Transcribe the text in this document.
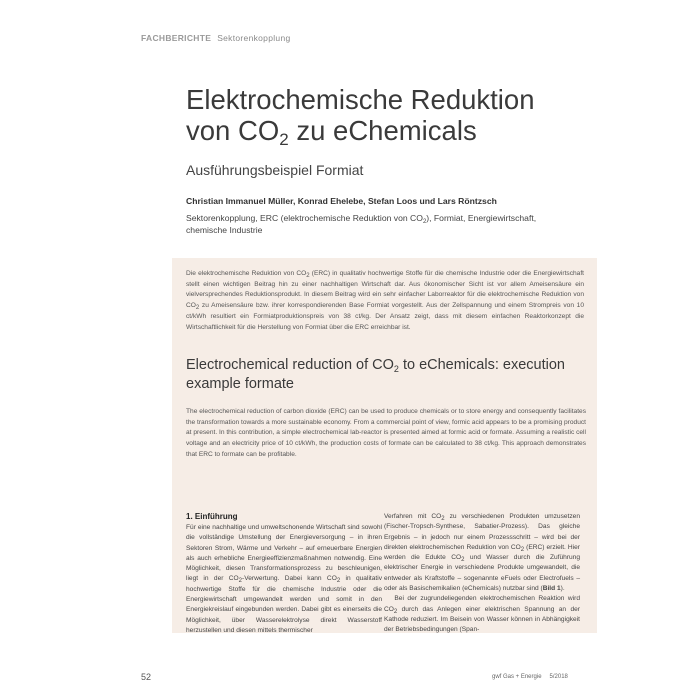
FACHBERICHTE Sektorenkopplung
Elektrochemische Reduktion
von $CO_2$ zu eChemicals
Ausführungsbeispiel Formiat
Christian Immanuel Müller, Konrad Ehelebe, Stefan Loos und Lars Röntzsch
Sektorenkopplung, ERC (elektrochemische Reduktion von $CO_2$), Formiat, Energiewirtschaft, chemische Industrie
Die elektrochemische Reduktion von $CO_2$ (ERC) in qualitativ hochwertige Stoffe für die chemische Industrie oder die Energiewirtschaft stellt einen wichtigen Beitrag hin zu einer nachhaltigen Wirtschaft dar. Aus ökonomischer Sicht ist vor allem Ameisensäure ein vielversprechendes Reduktionsprodukt. In diesem Beitrag wird ein sehr einfacher Laborreaktor für die elektrochemische Reduktion von $CO_2$ zu Ameisensäure bzw. ihrer korrespondierenden Base Formiat vorgestellt. Aus der Zellspannung und einem Strompreis von 10 ct/kWh resultiert ein Formiatproduktionspreis von 38 ct/kg. Der Ansatz zeigt, dass mit diesem einfachen Reaktorkonzept die Wirtschaftlichkeit für die Herstellung von Formiat über die ERC erreichbar ist.
Electrochemical reduction of $CO_2$ to eChemicals: execution example formate
The electrochemical reduction of carbon dioxide (ERC) can be used to produce chemicals or to store energy and consequently facilitates the transformation towards a more sustainable economy. From a commercial point of view, formic acid appears to be a promising product at present. In this contribution, a simple electrochemical lab-reactor is presented aimed at formic acid or formate. Assuming a realistic cell voltage and an electricity price of 10 ct/kWh, the production costs of formate can be calculated to 38 ct/kg. This approach demonstrates that ERC to formate can be profitable.
1. Einführung

Für eine nachhaltige und umweltschonende Wirtschaft sind sowohl die vollständige Umstellung der Energieversorgung – in ihren Sektoren Strom, Wärme und Verkehr – auf erneuerbare Energien als auch erhebliche Energieeffizienzmaßnahmen notwendig. Eine Möglichkeit, diesen Transformationsprozess zu beschleunigen, liegt in der $CO_2$-Verwertung. Dabei kann $CO_2$ in qualitativ hochwertige Stoffe für die chemische Industrie oder die Energiewirtschaft umgewandelt werden und somit in den Energiekreislauf eingebunden werden. Dabei gibt es einerseits die Möglichkeit, über Wasserelektrolyse direkt Wasserstoff herzustellen und diesen mittels thermischer

Verfahren mit $CO_2$ zu verschiedenen Produkten umzusetzen (Fischer-Tropsch-Synthese, Sabatier-Prozess). Das gleiche Ergebnis – in jedoch nur einem Prozessschritt – wird bei der direkten elektrochemischen Reduktion von $CO_2$ (ERC) erzielt. Hier werden die Edukte $CO_2$ und Wasser durch die Zuführung elektrischer Energie in verschiedene Produkte umgewandelt, die entweder als Kraftstoffe – sogenannte eFuels oder Electrofuels – oder als Basischemikalien (eChemicals) nutzbar sind (Bild 1).

Bei der zugrundeliegenden elektrochemischen Reaktion wird $CO_2$ durch das Anlegen einer elektrischen Spannung an der Kathode reduziert. Im Beisein von Wasser können in Abhängigkeit der Betriebsbedingungen (Span-

52	gwf Gas + Energie 5/2018
